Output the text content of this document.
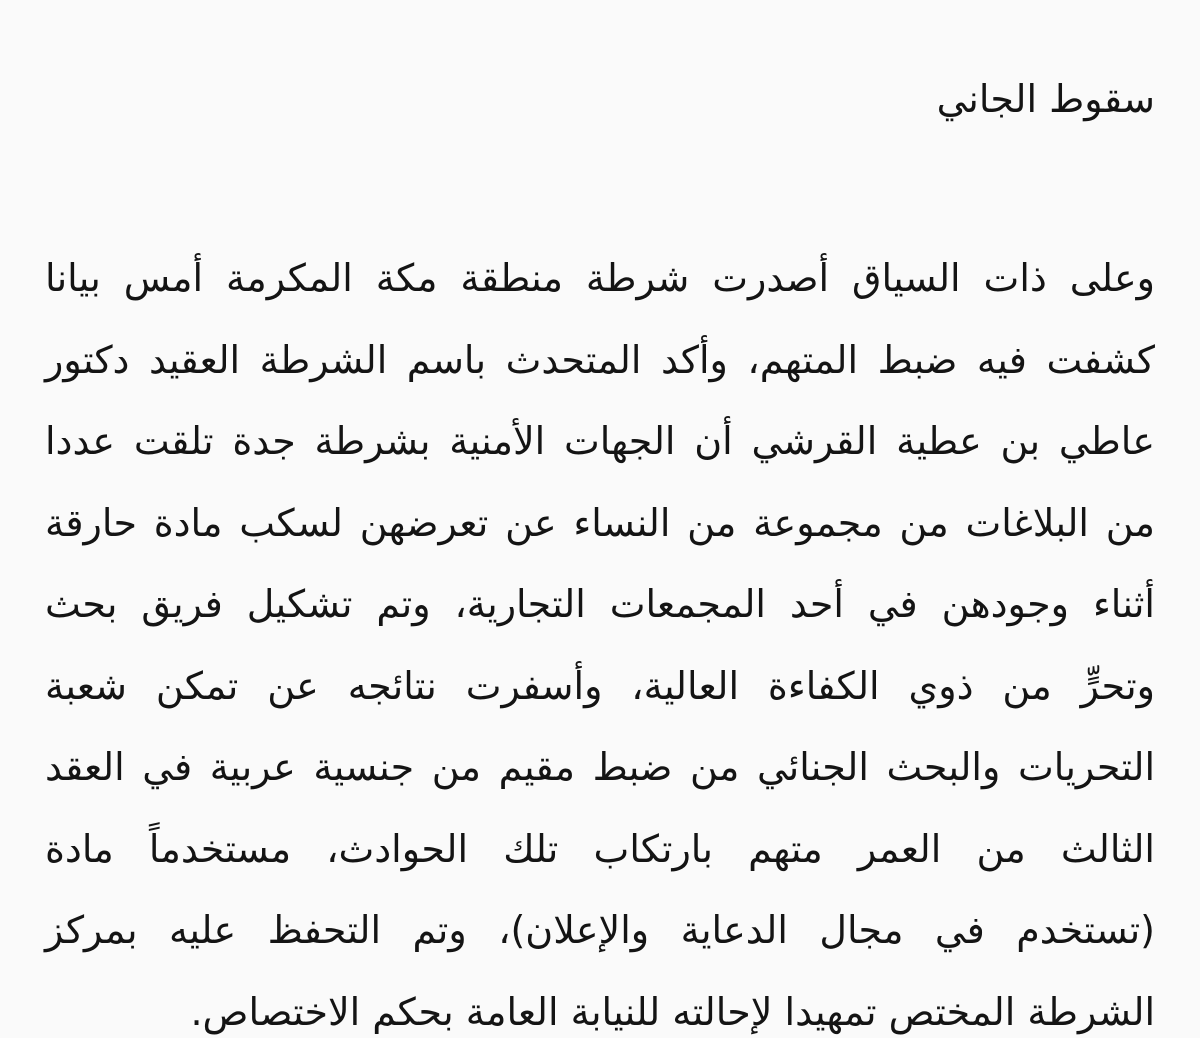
سقوط الجاني
وعلى ذات السياق أصدرت شرطة منطقة مكة المكرمة أمس بيانا
كشفت فيه ضبط المتهم، وأكد المتحدث باسم الشرطة العقيد دكتور
عاطي بن عطية القرشي أن الجهات الأمنية بشرطة جدة تلقت عددا
من البلاغات من مجموعة من النساء عن تعرضهن لسكب مادة حارقة
أثناء وجودهن في أحد المجمعات التجارية، وتم تشكيل فريق بحث
وتحرٍّ من ذوي الكفاءة العالية، وأسفرت نتائجه عن تمكن شعبة
التحريات والبحث الجنائي من ضبط مقيم من جنسية عربية في العقد
الثالث من العمر متهم بارتكاب تلك الحوادث، مستخدماً مادة
(تستخدم في مجال الدعاية والإعلان)، وتم التحفظ عليه بمركز
الشرطة المختص تمهيدا لإحالته للنيابة العامة بحكم الاختصاص.
